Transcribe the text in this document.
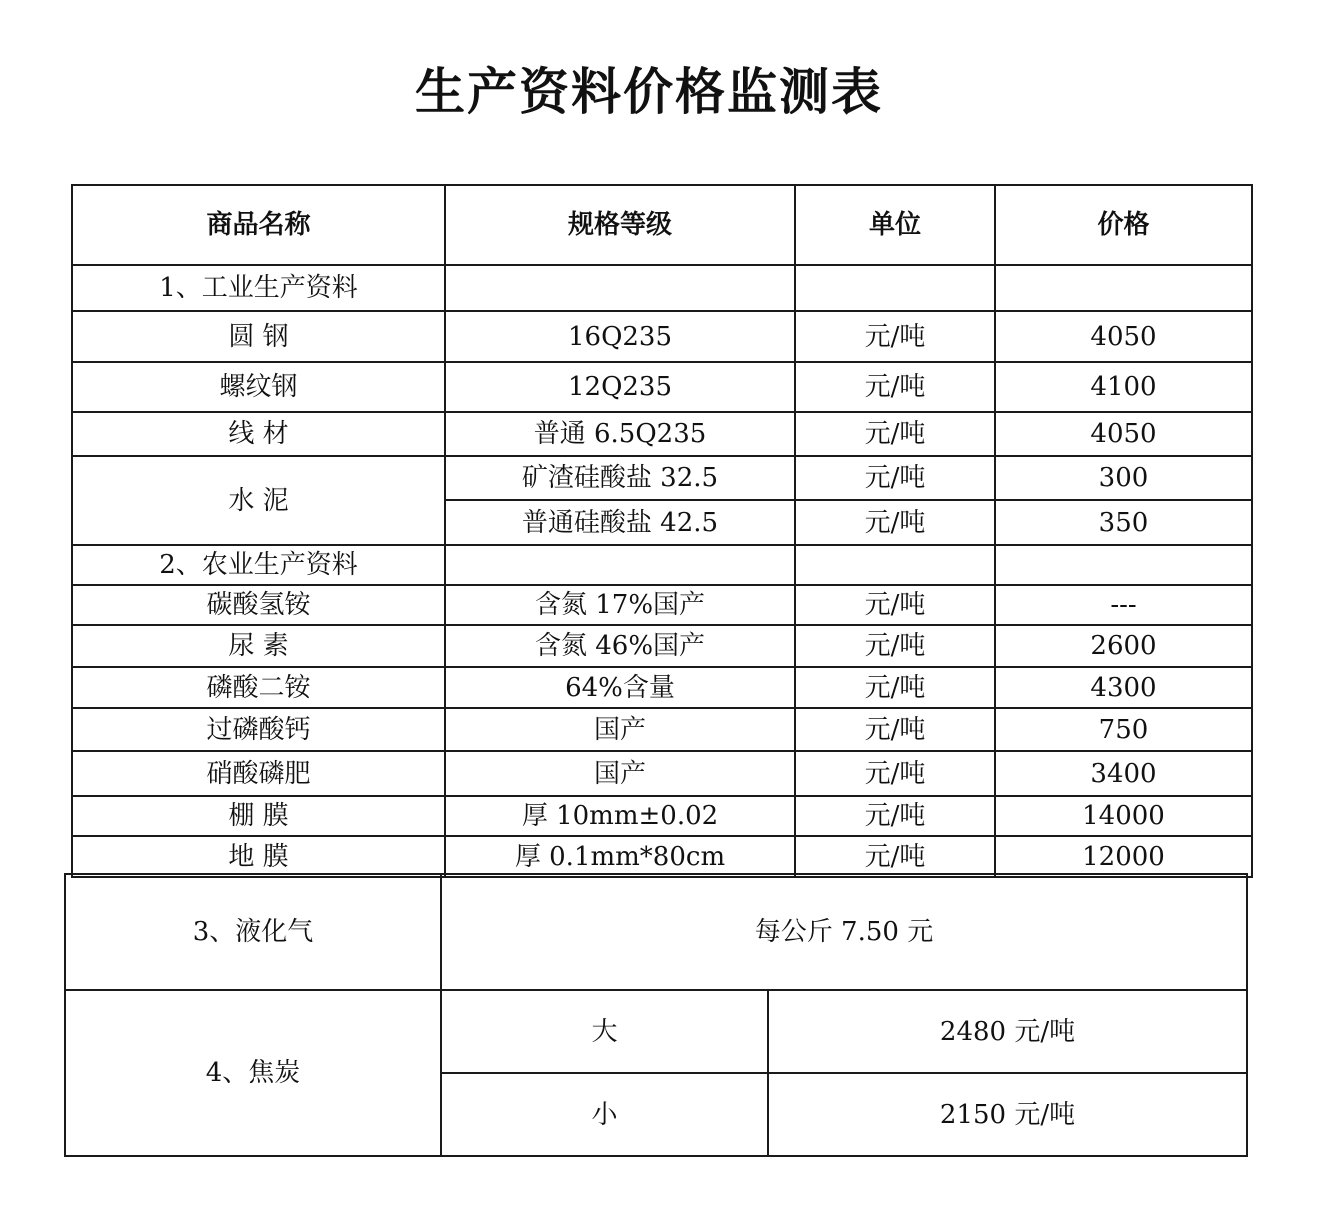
生产资料价格监测表
商品名称	规格等级	单位	价格
1、工业生产资料			
圆 钢	16Q235	元/吨	4050
螺纹钢	12Q235	元/吨	4100
线 材	普通 6.5Q235	元/吨	4050
水 泥	矿渣硅酸盐 32.5	元/吨	300
	普通硅酸盐 42.5	元/吨	350
2、农业生产资料			
碳酸氢铵	含氮 17%国产	元/吨	---
尿 素	含氮 46%国产	元/吨	2600
磷酸二铵	64%含量	元/吨	4300
过磷酸钙	国产	元/吨	750
硝酸磷肥	国产	元/吨	3400
棚 膜	厚 10mm±0.02	元/吨	14000
地 膜	厚 0.1mm*80cm	元/吨	12000
3、液化气	每公斤 7.50 元	
4、焦炭	大	2480 元/吨
	小	2150 元/吨
